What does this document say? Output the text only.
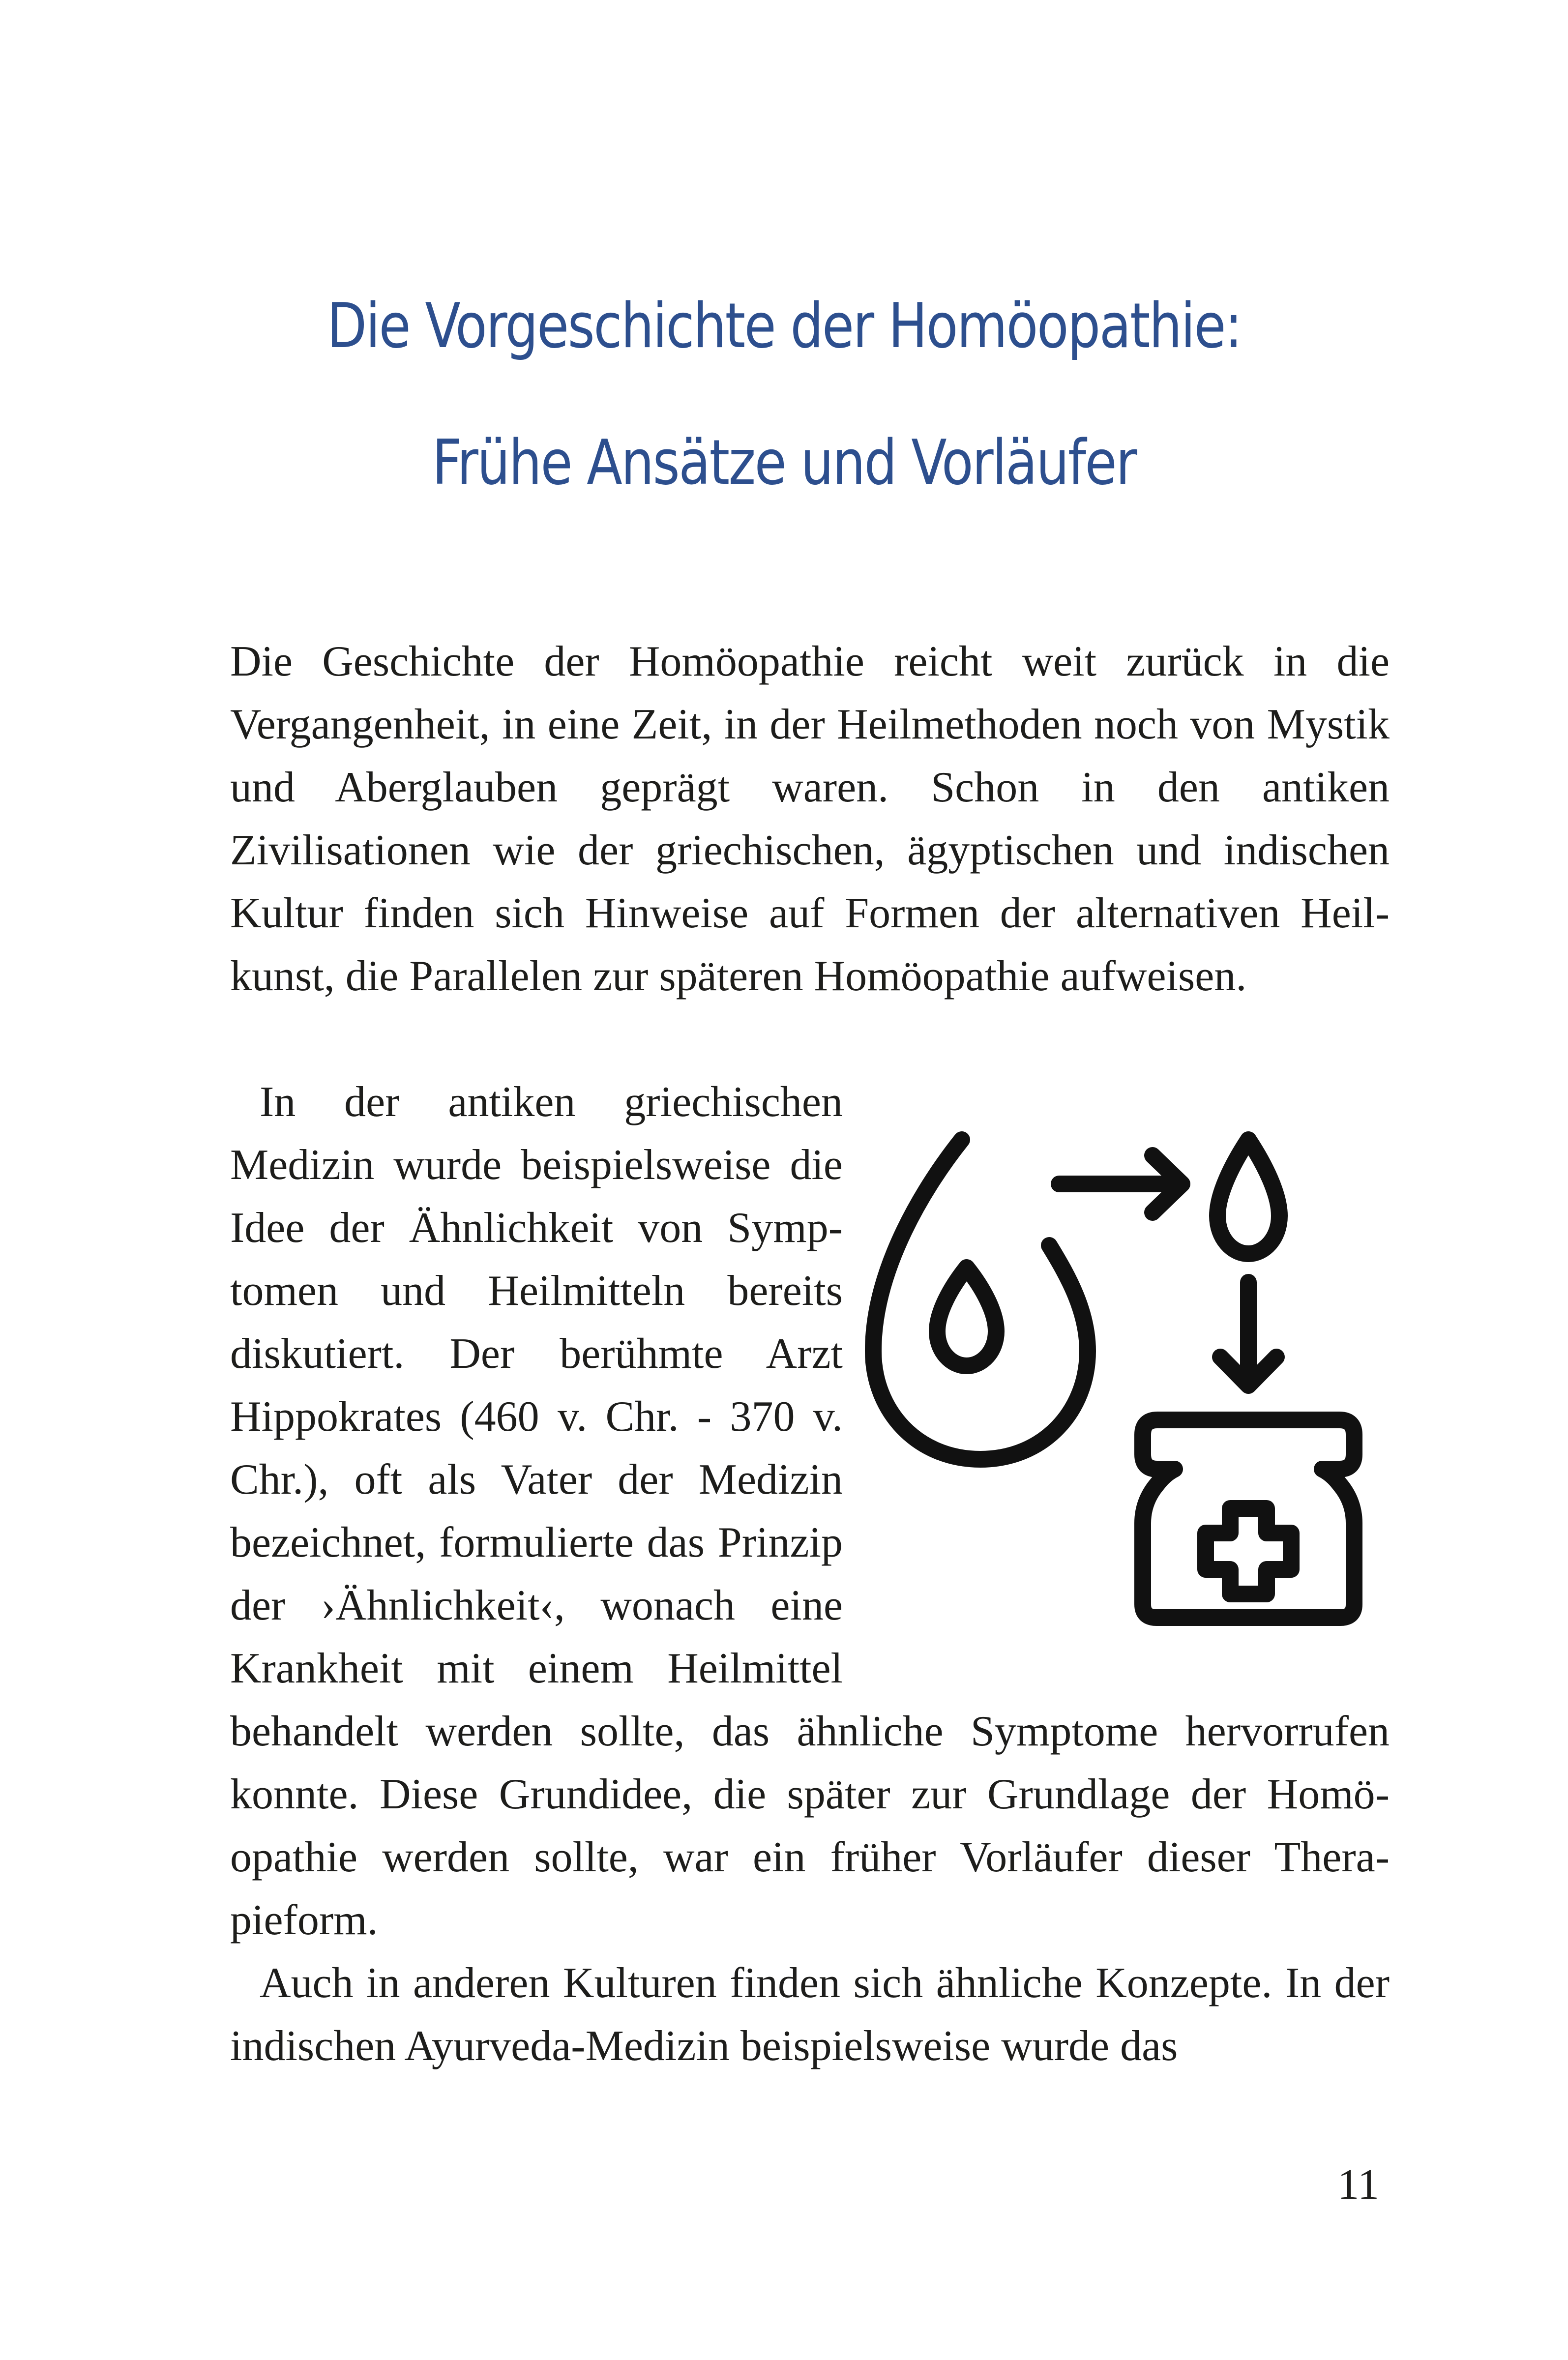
Die Vorgeschichte der Homöopathie:
Frühe Ansätze und Vorläufer

Die Geschichte der Homöopathie reicht weit zurück in die Vergangenheit, in eine Zeit, in der Heilmethoden noch von Mystik und Aberglauben geprägt waren. Schon in den antiken Zivilisationen wie der griechischen, ägyptischen und indischen Kultur finden sich Hinweise auf Formen der alternativen Heilkunst, die Parallelen zur späteren Homöopathie aufweisen.

In der antiken griechischen Medizin wurde beispielsweise die Idee der Ähnlichkeit von Symptomen und Heilmitteln bereits diskutiert. Der berühmte Arzt Hippokrates (460 v. Chr. - 370 v. Chr.), oft als Vater der Medizin bezeichnet, formulierte das Prinzip der ›Ähnlichkeit‹, wonach eine Krankheit mit einem Heilmittel behandelt werden sollte, das ähnliche Symptome hervorrufen konnte. Diese Grundidee, die später zur Grundlage der Homöopathie werden sollte, war ein früher Vorläufer dieser Therapieform.

Auch in anderen Kulturen finden sich ähnliche Konzepte. In der indischen Ayurveda-Medizin beispielsweise wurde das

11
